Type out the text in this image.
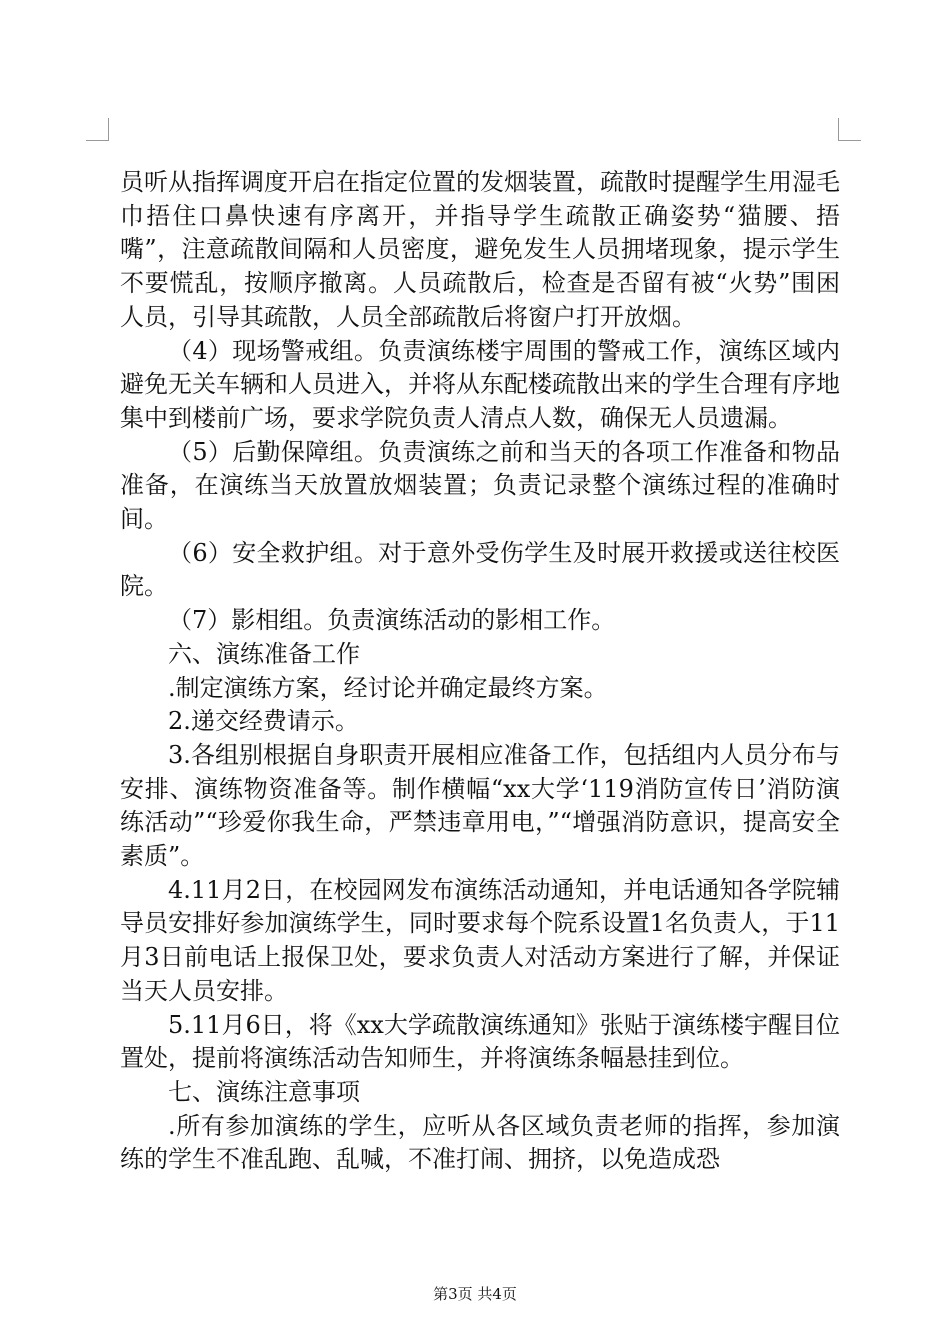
员听从指挥调度开启在指定位置的发烟装置，疏散时提醒学生用湿毛巾捂住口鼻快速有序离开，并指导学生疏散正确姿势“猫腰、捂嘴”，注意疏散间隔和人员密度，避免发生人员拥堵现象，提示学生不要慌乱，按顺序撤离。人员疏散后，检查是否留有被“火势”围困人员，引导其疏散，人员全部疏散后将窗户打开放烟。

（4）现场警戒组。负责演练楼宇周围的警戒工作，演练区域内避免无关车辆和人员进入，并将从东配楼疏散出来的学生合理有序地集中到楼前广场，要求学院负责人清点人数，确保无人员遗漏。

（5）后勤保障组。负责演练之前和当天的各项工作准备和物品准备，在演练当天放置放烟装置；负责记录整个演练过程的准确时间。

（6）安全救护组。对于意外受伤学生及时展开救援或送往校医院。

（7）影相组。负责演练活动的影相工作。

六、演练准备工作

.制定演练方案，经讨论并确定最终方案。

2.递交经费请示。

3.各组别根据自身职责开展相应准备工作，包括组内人员分布与安排、演练物资准备等。制作横幅“xx大学‘119消防宣传日’消防演练活动”“珍爱你我生命，严禁违章用电，”“增强消防意识，提高安全素质”。

4.11月2日，在校园网发布演练活动通知，并电话通知各学院辅导员安排好参加演练学生，同时要求每个院系设置1名负责人，于11月3日前电话上报保卫处，要求负责人对活动方案进行了解，并保证当天人员安排。

5.11月6日，将《xx大学疏散演练通知》张贴于演练楼宇醒目位置处，提前将演练活动告知师生，并将演练条幅悬挂到位。

七、演练注意事项

.所有参加演练的学生，应听从各区域负责老师的指挥，参加演练的学生不准乱跑、乱喊，不准打闹、拥挤，以免造成恐

第3页 共4页
